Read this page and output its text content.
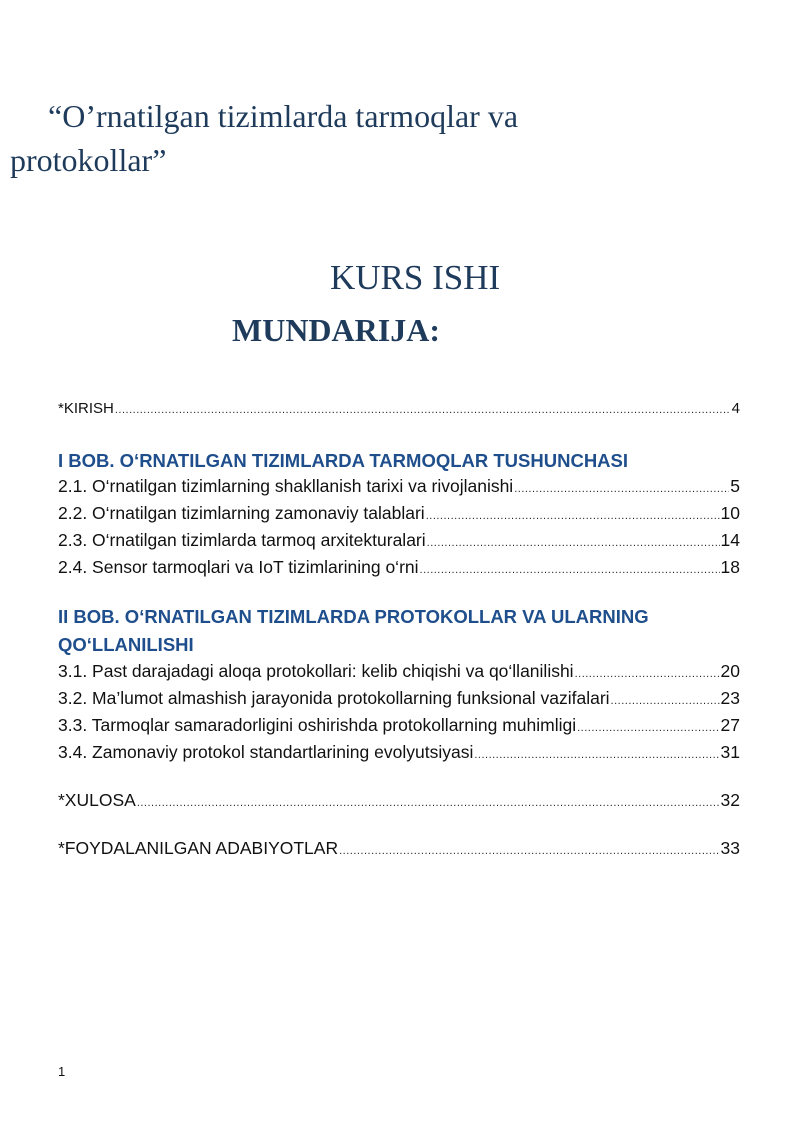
“O’rnatilgan tizimlarda tarmoqlar va
protokollar”
KURS ISHI
MUNDARIJA:
*KIRISH .....	4
I BOB. O‘RNATILGAN TIZIMLARDA TARMOQLAR TUSHUNCHASI
2.1. O‘rnatilgan tizimlarning shakllanish tarixi va rivojlanishi .....	5
2.2. O‘rnatilgan tizimlarning zamonaviy talablari .....	10
2.3. O‘rnatilgan tizimlarda tarmoq arxitekturalari .....	14
2.4. Sensor tarmoqlari va IoT tizimlarining o‘rni .....	18
II BOB. O‘RNATILGAN TIZIMLARDA PROTOKOLLAR VA ULARNING
QO‘LLANILISHI
3.1. Past darajadagi aloqa protokollari: kelib chiqishi va qo‘llanilishi .....	20
3.2. Ma’lumot almashish jarayonida protokollarning funksional vazifalari .....	23
3.3. Tarmoqlar samaradorligini oshirishda protokollarning muhimligi .....	27
3.4. Zamonaviy protokol standartlarining evolyutsiyasi .....	31
*XULOSA .....	32
*FOYDALANILGAN ADABIYOTLAR .....	33
1
